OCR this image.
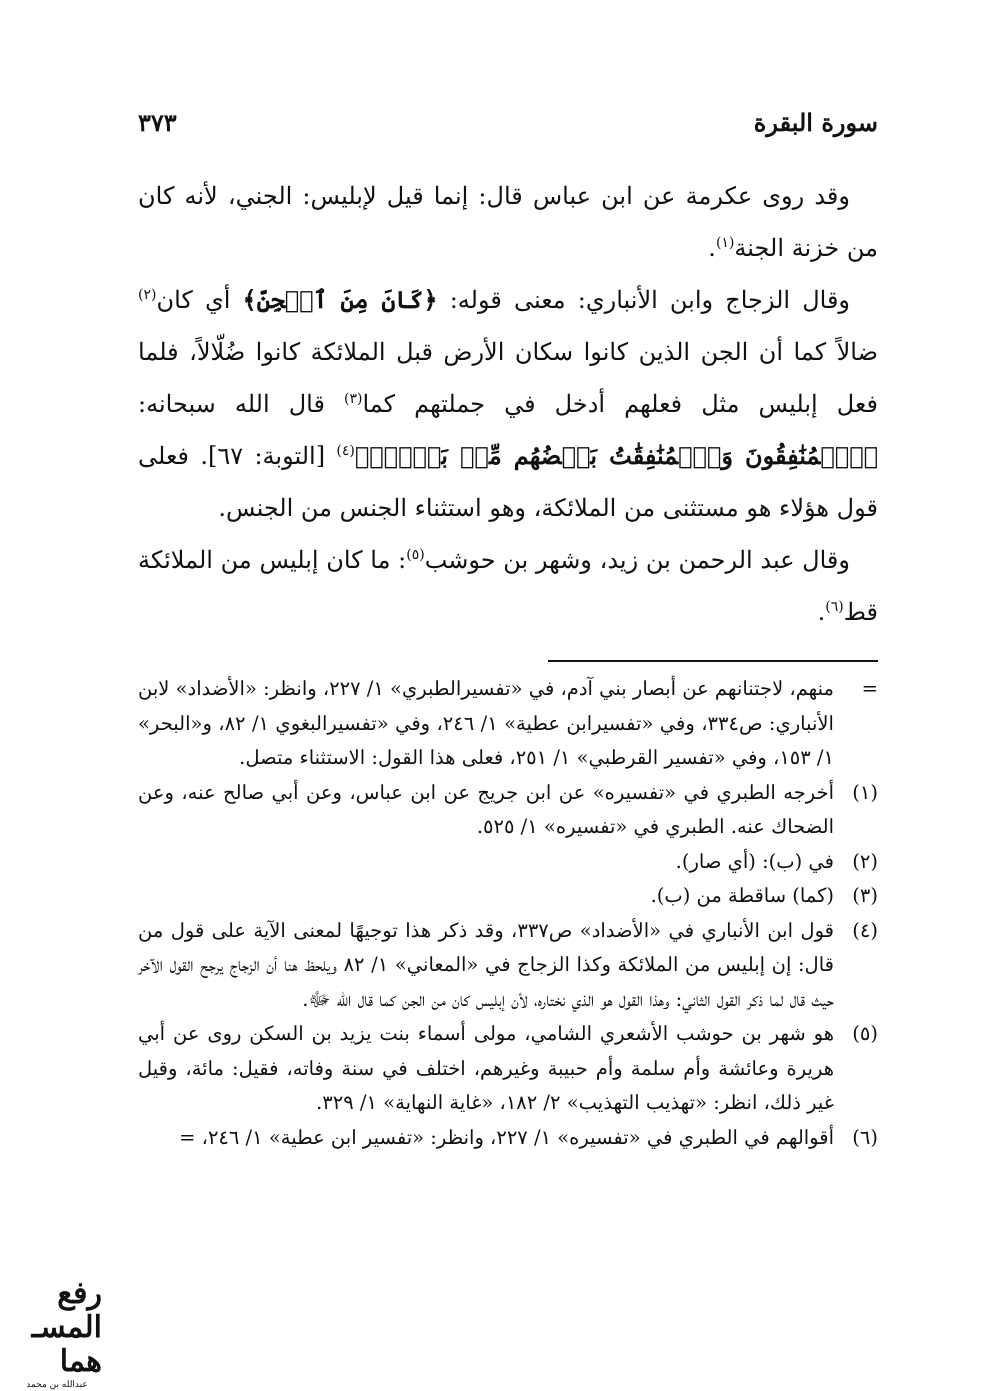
سورة البقرة
٣٧٣

وقد روى عكرمة عن ابن عباس قال: إنما قيل لإبليس: الجني، لأنه كان من خزنة الجنة$^{(١)}$.

وقال الزجاج وابن الأنباري: معنى قوله: ﴿كَانَ مِنَ ٱلۡجِنِّ﴾ أي كان$^{(٢)}$ ضالاً كما أن الجن الذين كانوا سكان الأرض قبل الملائكة كانوا ضُلّالاً، فلما فعل إبليس مثل فعلهم أدخل في جملتهم كما$^{(٣)}$ قال الله سبحانه: ﴿ٱلۡمُنَٰفِقُونَ وَٱلۡمُنَٰفِقَٰتُ بَعۡضُهُم مِّنۢ بَعۡضٍۚ﴾$^{(٤)}$ [التوبة: ٦٧]. فعلى قول هؤلاء هو مستثنى من الملائكة، وهو استثناء الجنس من الجنس.

وقال عبد الرحمن بن زيد، وشهر بن حوشب$^{(٥)}$: ما كان إبليس من الملائكة قط$^{(٦)}$.

=
منهم، لاجتنانهم عن أبصار بني آدم، في «تفسيرالطبري» ١/ ٢٢٧، وانظر: «الأضداد» لابن الأنباري: ص٣٣٤، وفي «تفسيرابن عطية» ١/ ٢٤٦، وفي «تفسيرالبغوي ١/ ٨٢، و«البحر» ١/ ١٥٣، وفي «تفسير القرطبي» ١/ ٢٥١، فعلى هذا القول: الاستثناء متصل.
(١)
أخرجه الطبري في «تفسيره» عن ابن جريج عن ابن عباس، وعن أبي صالح عنه، وعن الضحاك عنه. الطبري في «تفسيره» ١/ ٥٢٥.
(٢)
في (ب): (أي صار).
(٣)
(كما) ساقطة من (ب).
(٤)
قول ابن الأنباري في «الأضداد» ص٣٣٧، وقد ذكر هذا توجيهًا لمعنى الآية على قول من قال: إن إبليس من الملائكة وكذا الزجاج في «المعاني» ١/ ٨٢ ويلحظ هنا أن الزجاج يرجح القول الآخر حيث قال لما ذكر القول الثاني: وهذا القول هو الذي نختاره، لأن إبليس كان من الجن كما قال الله ﷻ.
(٥)
هو شهر بن حوشب الأشعري الشامي، مولى أسماء بنت يزيد بن السكن روى عن أبي هريرة وعائشة وأم سلمة وأم حبيبة وغيرهم، اختلف في سنة وفاته، فقيل: مائة، وقيل غير ذلك، انظر: «تهذيب التهذيب» ٢/ ١٨٢، «غاية النهاية» ١/ ٣٢٩.
(٦)
أقوالهم في الطبري في «تفسيره» ١/ ٢٢٧، وانظر: «تفسير ابن عطية» ١/ ٢٤٦، =
رفع المسـ هما
عبدالله بن محمد
